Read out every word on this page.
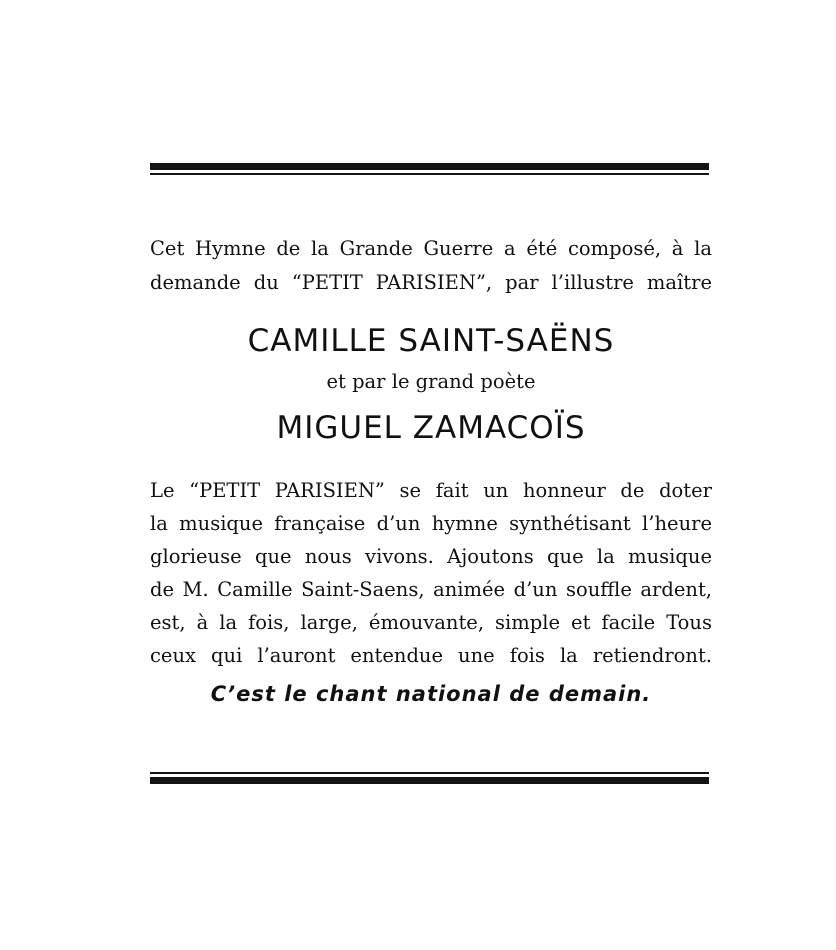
Cet Hymne de la Grande Guerre a été composé, à la

demande du “PETIT PARISIEN”, par l’illustre maître

CAMILLE SAINT-SAËNS
et par le grand poète
MIGUEL ZAMACOÏS

Le “PETIT PARISIEN” se fait un honneur de doter

la musique française d’un hymne synthétisant l’heure

glorieuse que nous vivons. Ajoutons que la musique

de M. Camille Saint-Saens, animée d’un souffle ardent,

est, à la fois, large, émouvante, simple et facile Tous

ceux qui l’auront entendue une fois la retiendront.

C’est le chant national de demain.
